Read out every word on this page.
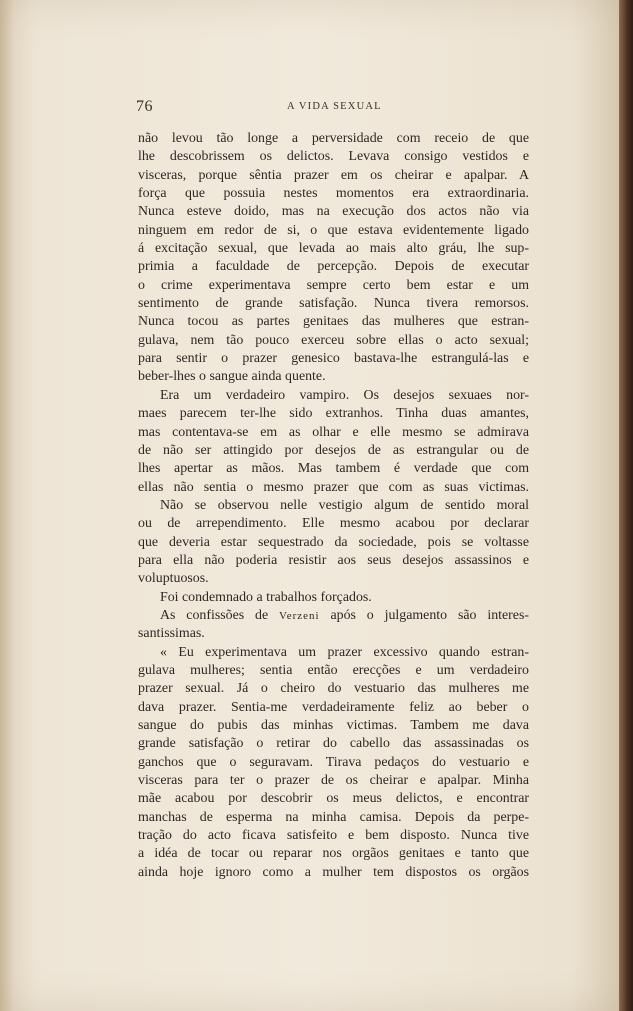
76	A VIDA SEXUAL
não levou tão longe a perversidade com receio de que
lhe descobrissem os delictos. Levava consigo vestidos e
visceras, porque sêntia prazer em os cheirar e apalpar. A
força que possuia nestes momentos era extraordinaria.
Nunca esteve doido, mas na execução dos actos não via
ninguem em redor de si, o que estava evidentemente ligado
á excitação sexual, que levada ao mais alto gráu, lhe sup-
primia a faculdade de percepção. Depois de executar
o crime experimentava sempre certo bem estar e um
sentimento de grande satisfação. Nunca tivera remorsos.
Nunca tocou as partes genitaes das mulheres que estran-
gulava, nem tão pouco exerceu sobre ellas o acto sexual;
para sentir o prazer genesico bastava-lhe estrangulá-las e
beber-lhes o sangue ainda quente.
Era um verdadeiro vampiro. Os desejos sexuaes nor-
maes parecem ter-lhe sido extranhos. Tinha duas amantes,
mas contentava-se em as olhar e elle mesmo se admirava
de não ser attingido por desejos de as estrangular ou de
lhes apertar as mãos. Mas tambem é verdade que com
ellas não sentia o mesmo prazer que com as suas victimas.
Não se observou nelle vestigio algum de sentido moral
ou de arrependimento. Elle mesmo acabou por declarar
que deveria estar sequestrado da sociedade, pois se voltasse
para ella não poderia resistir aos seus desejos assassinos e
voluptuosos.
Foi condemnado a trabalhos forçados.
As confissões de Verzeni após o julgamento são interes-
santissimas.
« Eu experimentava um prazer excessivo quando estran-
gulava mulheres; sentia então erecções e um verdadeiro
prazer sexual. Já o cheiro do vestuario das mulheres me
dava prazer. Sentia-me verdadeiramente feliz ao beber o
sangue do pubis das minhas victimas. Tambem me dava
grande satisfação o retirar do cabello das assassinadas os
ganchos que o seguravam. Tirava pedaços do vestuario e
visceras para ter o prazer de os cheirar e apalpar. Minha
mãe acabou por descobrir os meus delictos, e encontrar
manchas de esperma na minha camisa. Depois da perpe-
tração do acto ficava satisfeito e bem disposto. Nunca tive
a idéa de tocar ou reparar nos orgãos genitaes e tanto que
ainda hoje ignoro como a mulher tem dispostos os orgãos
